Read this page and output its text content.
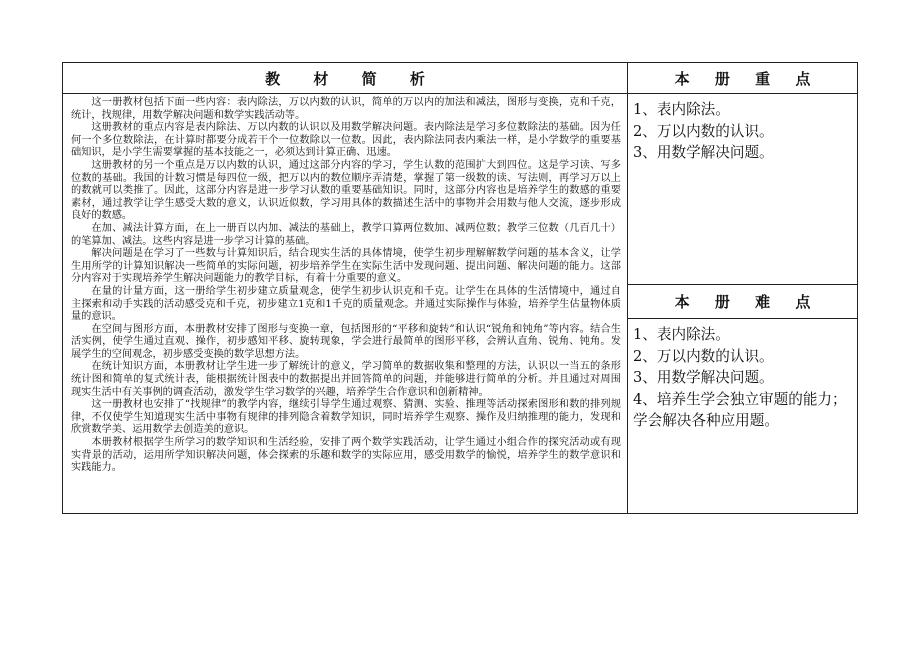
教 材 简 析

这一册教材包括下面一些内容：表内除法，万以内数的认识，简单的万以内的加法和减法，图形与变换，克和千克，统计，找规律，用数学解决问题和数学实践活动等。

这册教材的重点内容是表内除法、万以内数的认识以及用数学解决问题。表内除法是学习多位数除法的基础。因为任何一个多位数除法，在计算时都要分成若干个一位数除以一位数。因此，表内除法同表内乘法一样，是小学数学的重要基础知识，是小学生需要掌握的基本技能之一，必须达到计算正确、迅速。

这册教材的另一个重点是万以内数的认识，通过这部分内容的学习，学生认数的范围扩大到四位。这是学习读、写多位数的基础。我国的计数习惯是每四位一级，把万以内的数位顺序弄清楚，掌握了第一级数的读、写法则，再学习万以上的数就可以类推了。因此，这部分内容是进一步学习认数的重要基础知识。同时，这部分内容也是培养学生的数感的重要素材，通过教学让学生感受大数的意义，认识近似数，学习用具体的数描述生活中的事物并会用数与他人交流，逐步形成良好的数感。

在加、减法计算方面，在上一册百以内加、减法的基础上，教学口算两位数加、减两位数；教学三位数（几百几十）的笔算加、减法。这些内容是进一步学习计算的基础。

解决问题是在学习了一些数与计算知识后，结合现实生活的具体情境，使学生初步理解解数学问题的基本含义，让学生用所学的计算知识解决一些简单的实际问题，初步培养学生在实际生活中发现问题、提出问题、解决问题的能力。这部分内容对于实现培养学生解决问题能力的教学目标，有着十分重要的意义。

在量的计量方面，这一册给学生初步建立质量观念，使学生初步认识克和千克。让学生在具体的生活情境中，通过自主探索和动手实践的活动感受克和千克，初步建立1克和1千克的质量观念。并通过实际操作与体验，培养学生估量物体质量的意识。

在空间与图形方面，本册教材安排了图形与变换一章，包括图形的“平移和旋转”和认识“锐角和钝角”等内容。结合生活实例，使学生通过直观、操作，初步感知平移、旋转现象，学会进行最简单的图形平移，会辨认直角、锐角、钝角。发展学生的空间观念，初步感受变换的数学思想方法。

在统计知识方面，本册教材让学生进一步了解统计的意义，学习简单的数据收集和整理的方法，认识以一当五的条形统计图和简单的复式统计表，能根据统计图表中的数据提出并回答简单的问题，并能够进行简单的分析。并且通过对周围现实生活中有关事例的调查活动，激发学生学习数学的兴趣，培养学生合作意识和创新精神。

这一册教材也安排了“找规律”的教学内容，继续引导学生通过观察、猜测、实验、推理等活动探索图形和数的排列规律，不仅使学生知道现实生活中事物有规律的排列隐含着数学知识，同时培养学生观察、操作及归纳推理的能力，发现和欣赏数学美、运用数学去创造美的意识。

本册教材根据学生所学习的数学知识和生活经验，安排了两个数学实践活动，让学生通过小组合作的探究活动或有现实背景的活动，运用所学知识解决问题，体会探索的乐趣和数学的实际应用，感受用数学的愉悦，培养学生的数学意识和实践能力。

本 册 重 点
1、表内除法。
2、万以内数的认识。
3、用数学解决问题。
本 册 难 点
1、表内除法。
2、万以内数的认识。
3、用数学解决问题。
4、培养生学会独立审题的能力；学会解决各种应用题。
